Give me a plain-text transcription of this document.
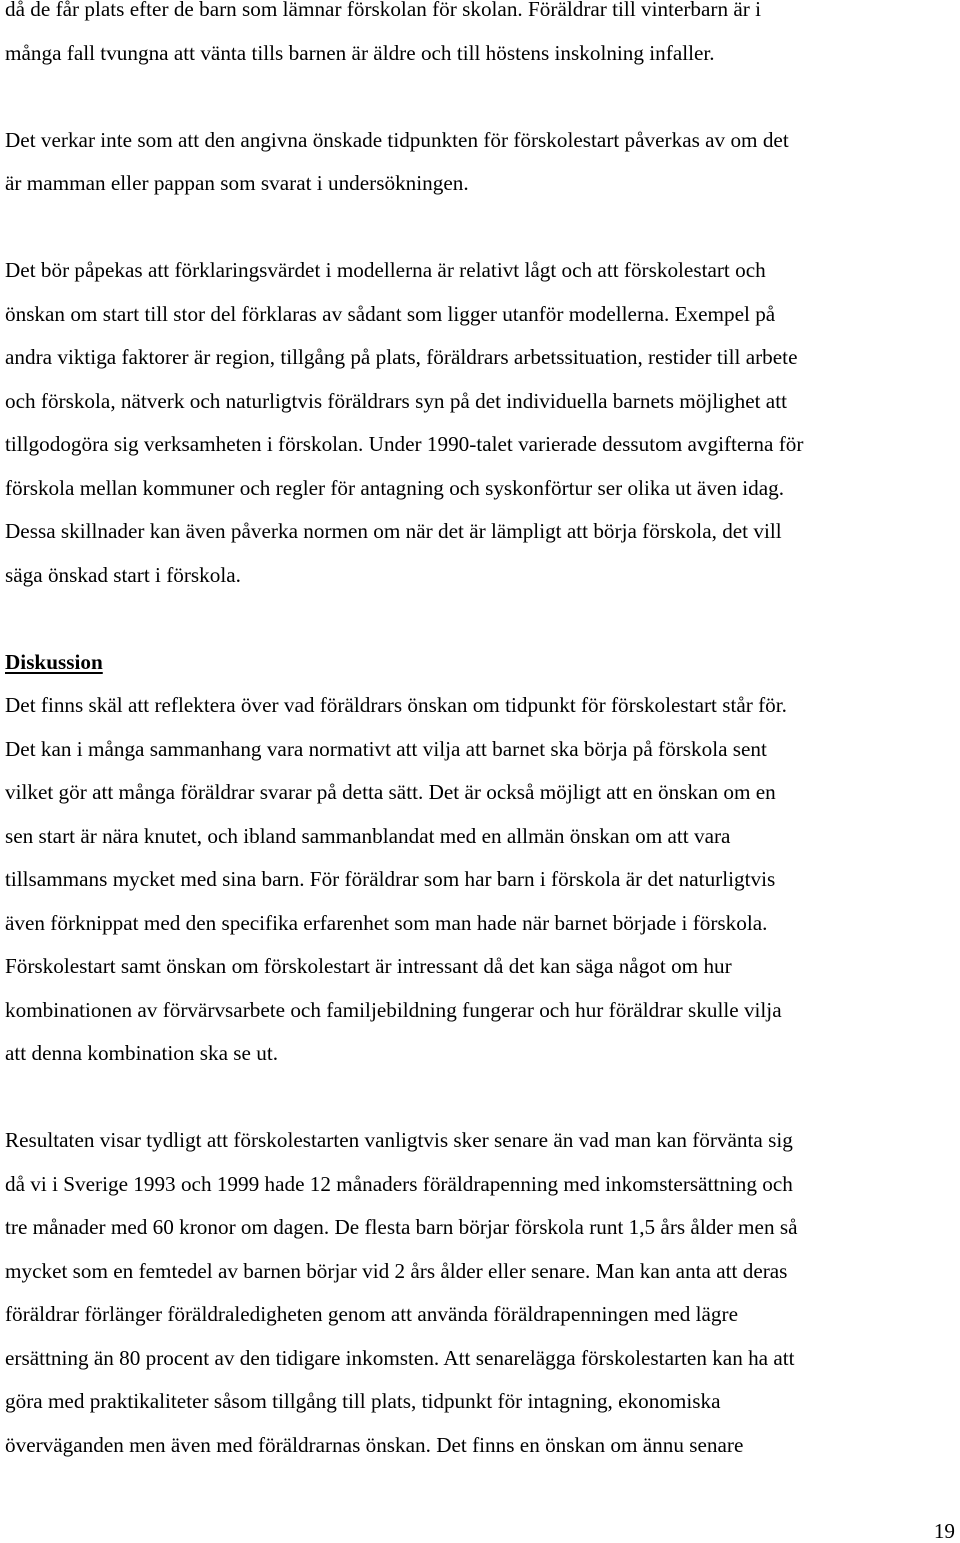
då de får plats efter de barn som lämnar förskolan för skolan. Föräldrar till vinterbarn är i
många fall tvungna att vänta tills barnen är äldre och till höstens inskolning infaller.

Det verkar inte som att den angivna önskade tidpunkten för förskolestart påverkas av om det
är mamman eller pappan som svarat i undersökningen.

Det bör påpekas att förklaringsvärdet i modellerna är relativt lågt och att förskolestart och
önskan om start till stor del förklaras av sådant som ligger utanför modellerna. Exempel på
andra viktiga faktorer är region, tillgång på plats, föräldrars arbetssituation, restider till arbete
och förskola, nätverk och naturligtvis föräldrars syn på det individuella barnets möjlighet att
tillgodogöra sig verksamheten i förskolan. Under 1990-talet varierade dessutom avgifterna för
förskola mellan kommuner och regler för antagning och syskonförtur ser olika ut även idag.
Dessa skillnader kan även påverka normen om när det är lämpligt att börja förskola, det vill
säga önskad start i förskola.

Diskussion

Det finns skäl att reflektera över vad föräldrars önskan om tidpunkt för förskolestart står för.
Det kan i många sammanhang vara normativt att vilja att barnet ska börja på förskola sent
vilket gör att många föräldrar svarar på detta sätt. Det är också möjligt att en önskan om en
sen start är nära knutet, och ibland sammanblandat med en allmän önskan om att vara
tillsammans mycket med sina barn. För föräldrar som har barn i förskola är det naturligtvis
även förknippat med den specifika erfarenhet som man hade när barnet började i förskola.
Förskolestart samt önskan om förskolestart är intressant då det kan säga något om hur
kombinationen av förvärvsarbete och familjebildning fungerar och hur föräldrar skulle vilja
att denna kombination ska se ut.

Resultaten visar tydligt att förskolestarten vanligtvis sker senare än vad man kan förvänta sig
då vi i Sverige 1993 och 1999 hade 12 månaders föräldrapenning med inkomstersättning och
tre månader med 60 kronor om dagen. De flesta barn börjar förskola runt 1,5 års ålder men så
mycket som en femtedel av barnen börjar vid 2 års ålder eller senare. Man kan anta att deras
föräldrar förlänger föräldraledigheten genom att använda föräldrapenningen med lägre
ersättning än 80 procent av den tidigare inkomsten. Att senarelägga förskolestarten kan ha att
göra med praktikaliteter såsom tillgång till plats, tidpunkt för intagning, ekonomiska
överväganden men även med föräldrarnas önskan. Det finns en önskan om ännu senare

19
